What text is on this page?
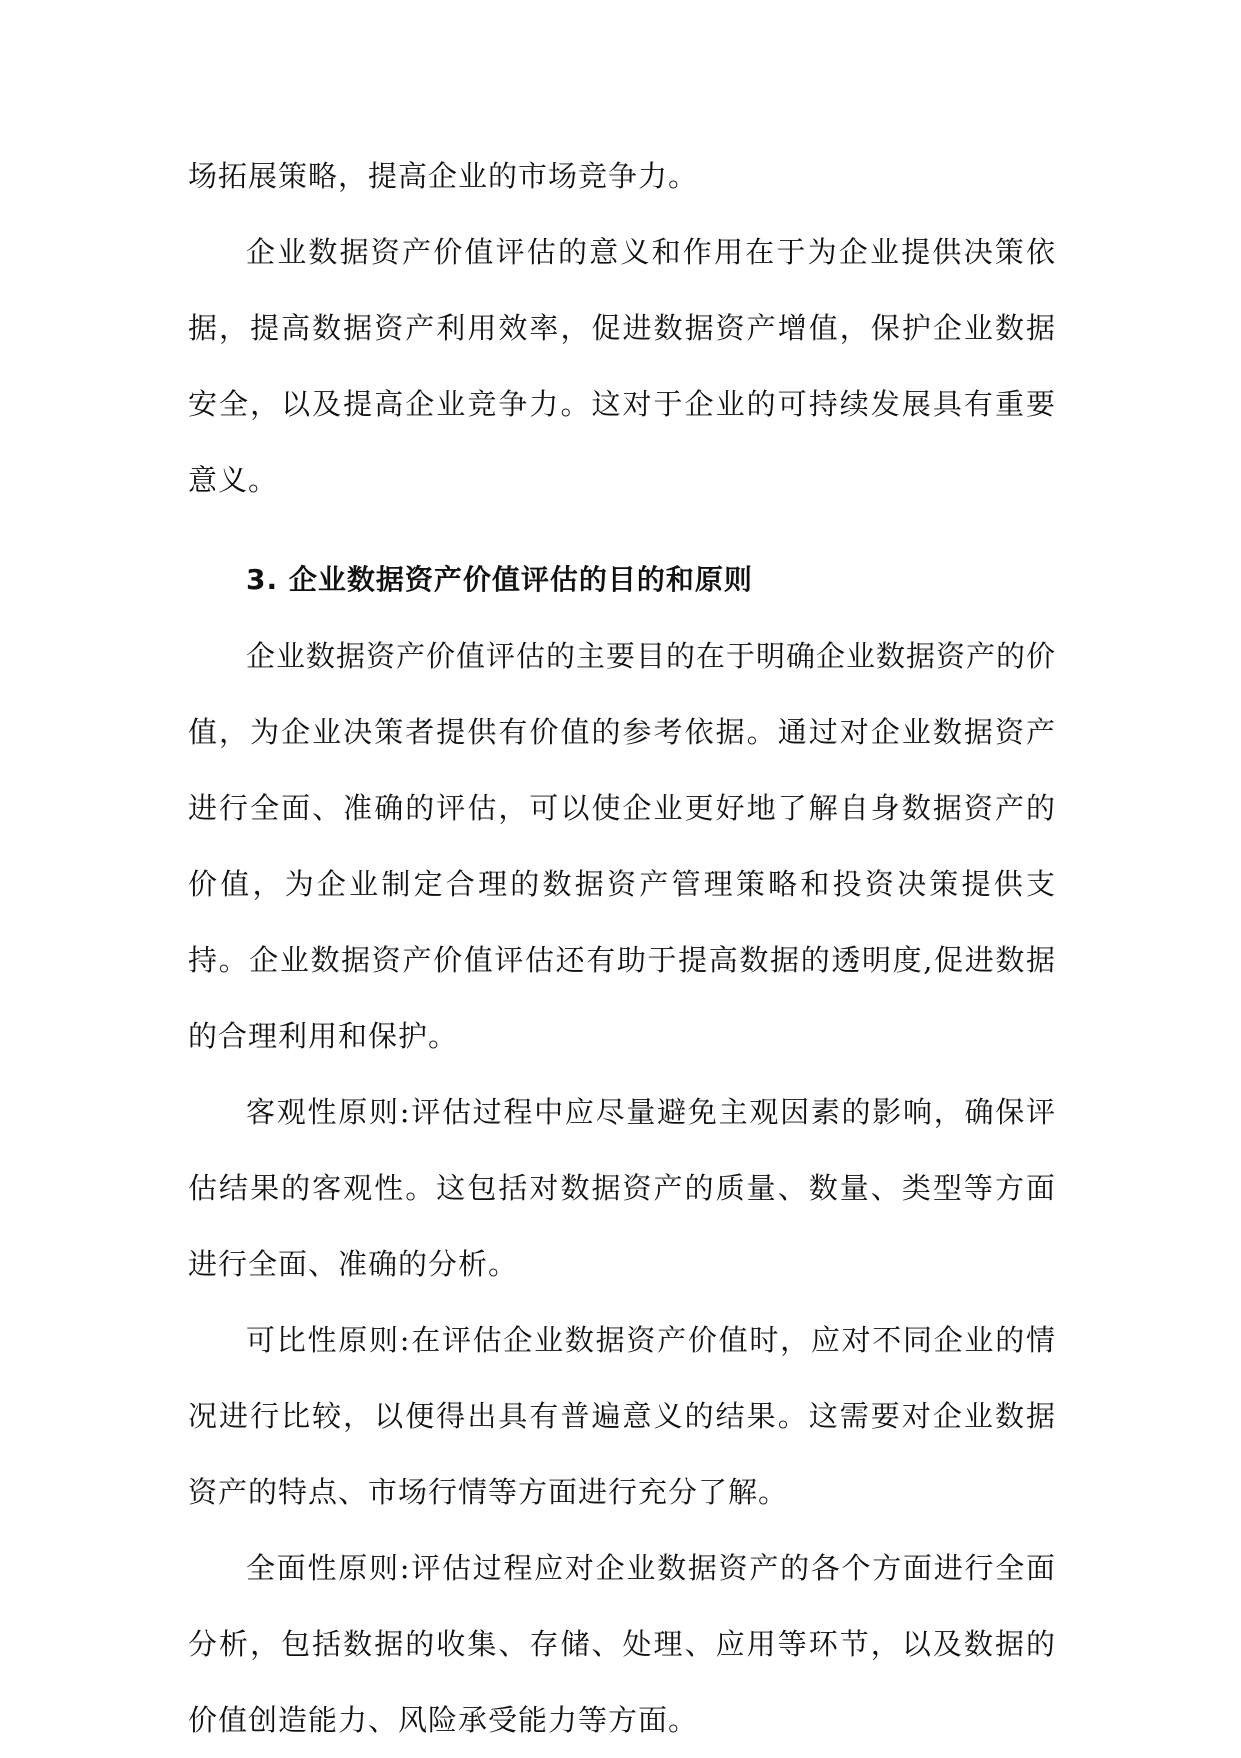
场拓展策略，提高企业的市场竞争力。

企业数据资产价值评估的意义和作用在于为企业提供决策依据，提高数据资产利用效率，促进数据资产增值，保护企业数据安全，以及提高企业竞争力。这对于企业的可持续发展具有重要意义。

3. 企业数据资产价值评估的目的和原则

企业数据资产价值评估的主要目的在于明确企业数据资产的价值，为企业决策者提供有价值的参考依据。通过对企业数据资产进行全面、准确的评估，可以使企业更好地了解自身数据资产的价值，为企业制定合理的数据资产管理策略和投资决策提供支持。企业数据资产价值评估还有助于提高数据的透明度,促进数据的合理利用和保护。

客观性原则:评估过程中应尽量避免主观因素的影响，确保评估结果的客观性。这包括对数据资产的质量、数量、类型等方面进行全面、准确的分析。

可比性原则:在评估企业数据资产价值时，应对不同企业的情况进行比较，以便得出具有普遍意义的结果。这需要对企业数据资产的特点、市场行情等方面进行充分了解。

全面性原则:评估过程应对企业数据资产的各个方面进行全面分析，包括数据的收集、存储、处理、应用等环节，以及数据的价值创造能力、风险承受能力等方面。
